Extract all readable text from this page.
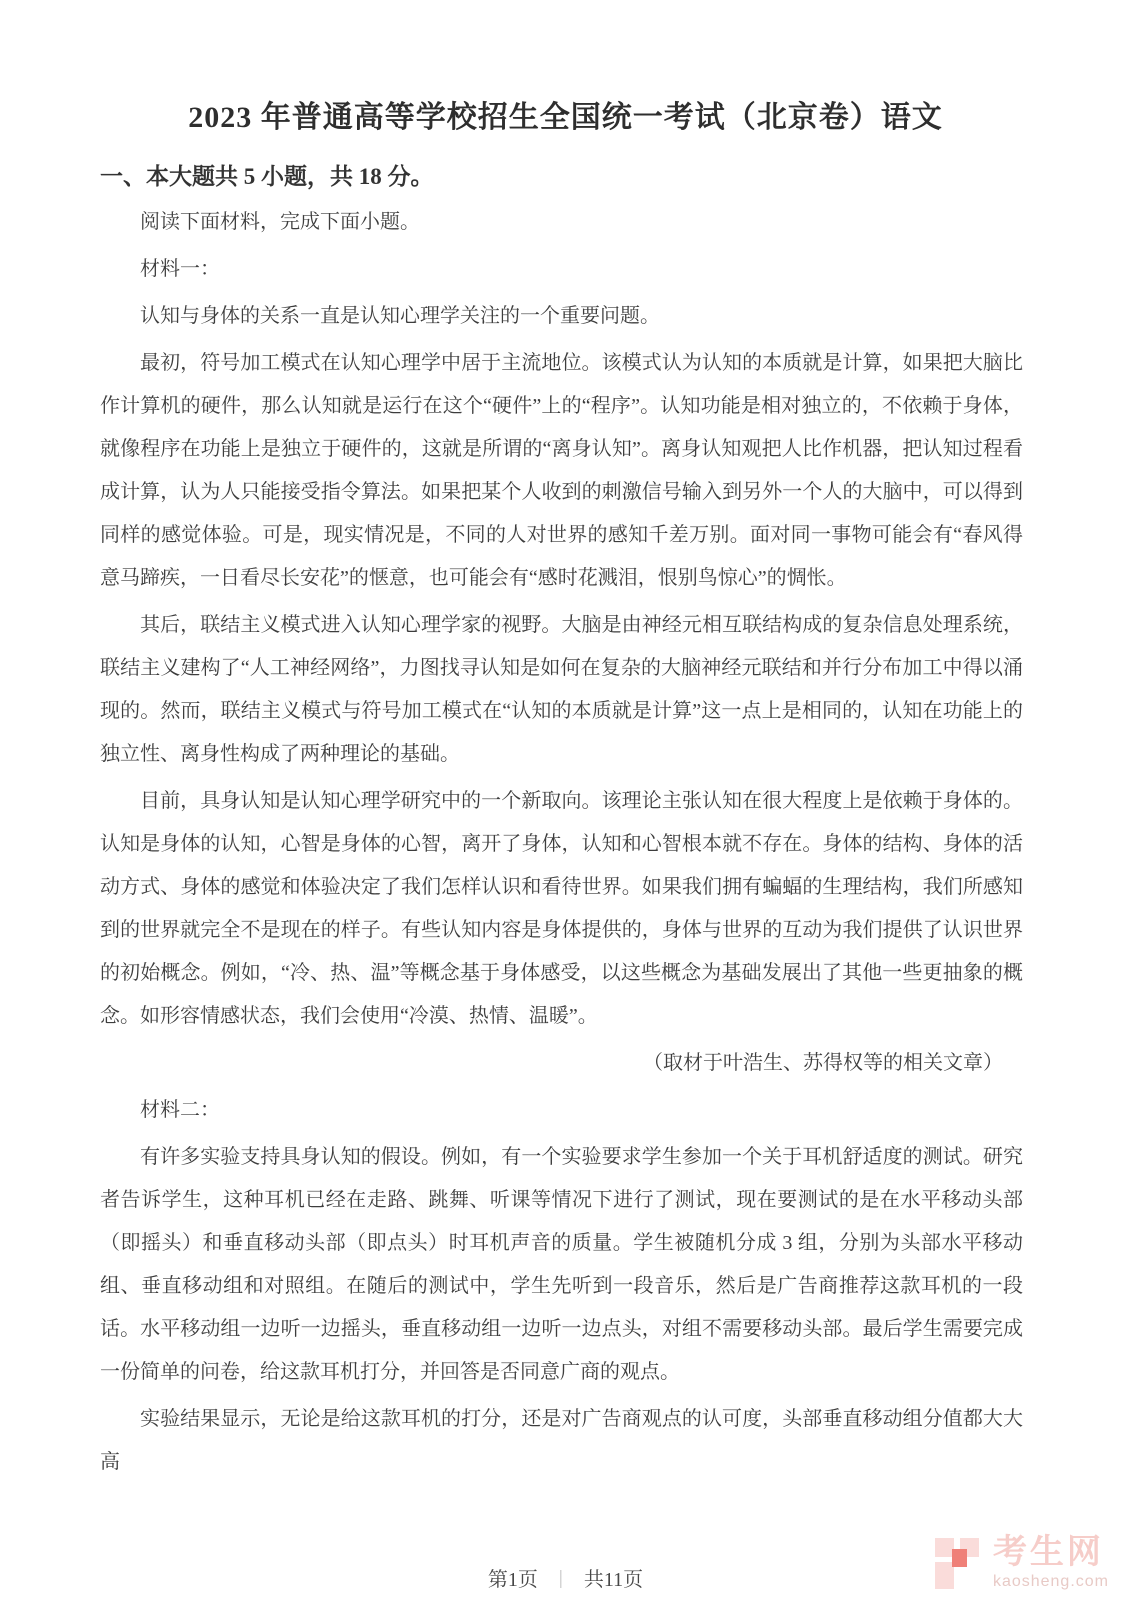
2023 年普通高等学校招生全国统一考试（北京卷）语文
一、本大题共 5 小题，共 18 分。

阅读下面材料，完成下面小题。

材料一：

认知与身体的关系一直是认知心理学关注的一个重要问题。

最初，符号加工模式在认知心理学中居于主流地位。该模式认为认知的本质就是计算，如果把大脑比作计算机的硬件，那么认知就是运行在这个“硬件”上的“程序”。认知功能是相对独立的，不依赖于身体，就像程序在功能上是独立于硬件的，这就是所谓的“离身认知”。离身认知观把人比作机器，把认知过程看成计算，认为人只能接受指令算法。如果把某个人收到的刺激信号输入到另外一个人的大脑中，可以得到同样的感觉体验。可是，现实情况是，不同的人对世界的感知千差万别。面对同一事物可能会有“春风得意马蹄疾，一日看尽长安花”的惬意，也可能会有“感时花溅泪，恨别鸟惊心”的惆怅。

其后，联结主义模式进入认知心理学家的视野。大脑是由神经元相互联结构成的复杂信息处理系统，联结主义建构了“人工神经网络”，力图找寻认知是如何在复杂的大脑神经元联结和并行分布加工中得以涌现的。然而，联结主义模式与符号加工模式在“认知的本质就是计算”这一点上是相同的，认知在功能上的独立性、离身性构成了两种理论的基础。

目前，具身认知是认知心理学研究中的一个新取向。该理论主张认知在很大程度上是依赖于身体的。认知是身体的认知，心智是身体的心智，离开了身体，认知和心智根本就不存在。身体的结构、身体的活动方式、身体的感觉和体验决定了我们怎样认识和看待世界。如果我们拥有蝙蝠的生理结构，我们所感知到的世界就完全不是现在的样子。有些认知内容是身体提供的，身体与世界的互动为我们提供了认识世界的初始概念。例如，“冷、热、温”等概念基于身体感受，以这些概念为基础发展出了其他一些更抽象的概念。如形容情感状态，我们会使用“冷漠、热情、温暖”。

（取材于叶浩生、苏得权等的相关文章）

材料二：

有许多实验支持具身认知的假设。例如，有一个实验要求学生参加一个关于耳机舒适度的测试。研究者告诉学生，这种耳机已经在走路、跳舞、听课等情况下进行了测试，现在要测试的是在水平移动头部（即摇头）和垂直移动头部（即点头）时耳机声音的质量。学生被随机分成 3 组，分别为头部水平移动组、垂直移动组和对照组。在随后的测试中，学生先听到一段音乐，然后是广告商推荐这款耳机的一段话。水平移动组一边听一边摇头，垂直移动组一边听一边点头，对组不需要移动头部。最后学生需要完成一份简单的问卷，给这款耳机打分，并回答是否同意广商的观点。

实验结果显示，无论是给这款耳机的打分，还是对广告商观点的认可度，头部垂直移动组分值都大大高

第1页 ｜ 共11页
考生网
kaosheng.com
